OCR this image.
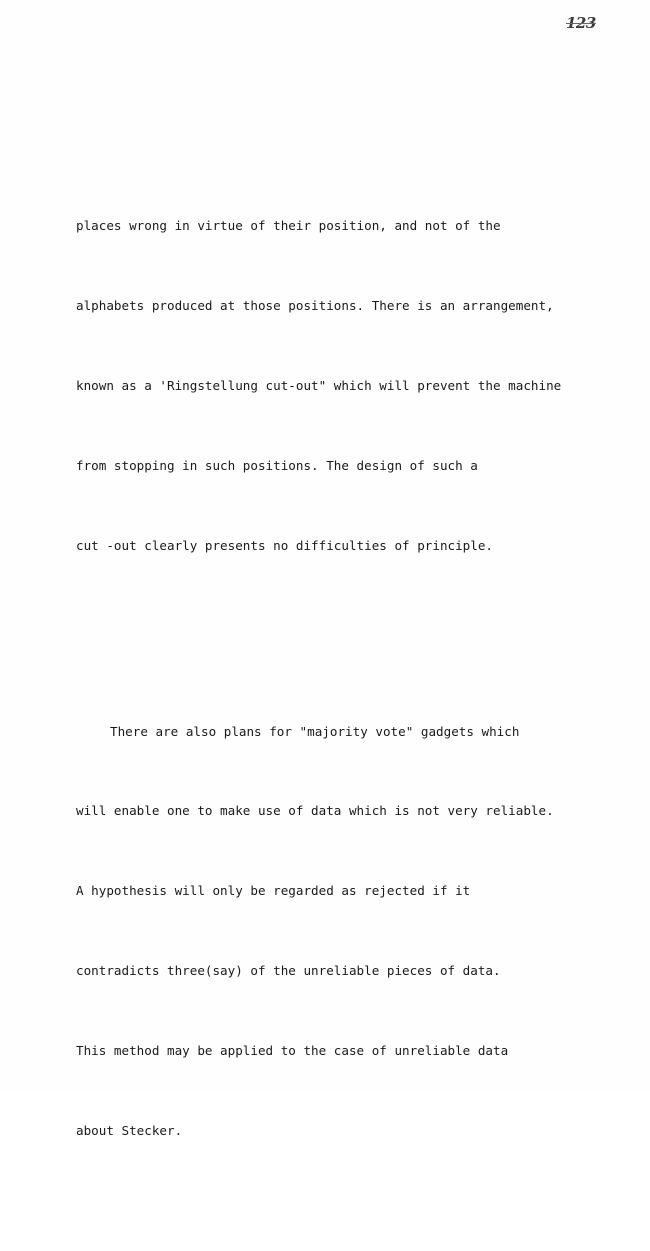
123

places wrong in virtue of their position, and not of the

alphabets produced at those positions. There is an arrangement,

known as a 'Ringstellung cut-out" which will prevent the machine

from stopping in such positions. The design of such a

cut -out clearly presents no difficulties of principle.

There are also plans for "majority vote" gadgets which

will enable one to make use of data which is not very reliable.

A hypothesis will only be regarded as rejected if it

contradicts three(say) of the unreliable pieces of data.

This method may be applied to the case of unreliable data

about Stecker.
